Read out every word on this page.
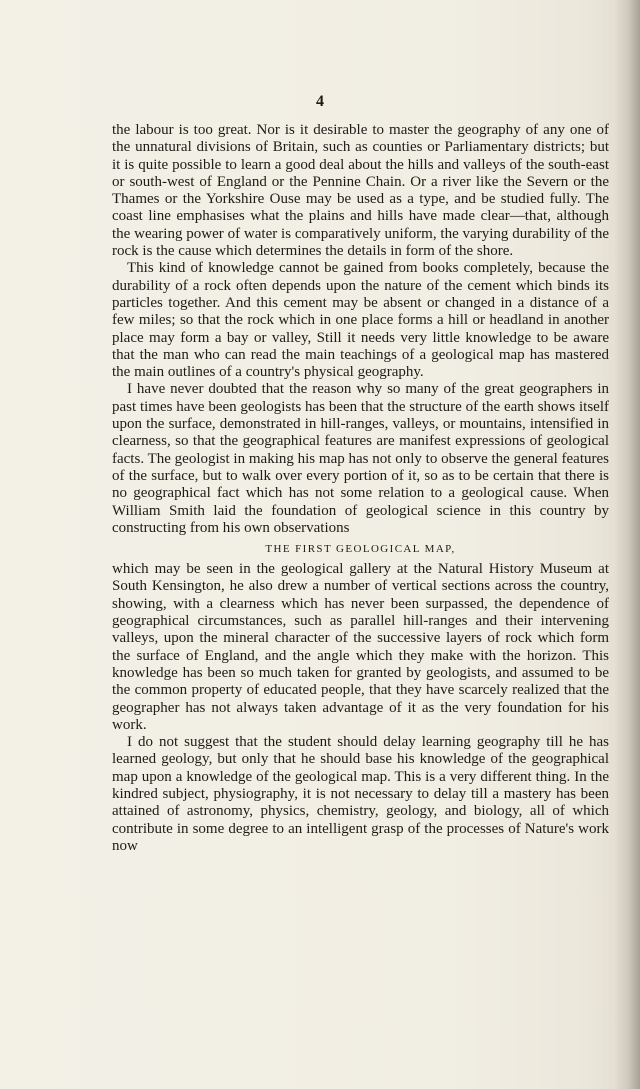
4

the labour is too great. Nor is it desirable to master the geography of any one of the unnatural divisions of Britain, such as counties or Parliamentary districts; but it is quite possible to learn a good deal about the hills and valleys of the south-east or south-west of England or the Pennine Chain. Or a river like the Severn or the Thames or the Yorkshire Ouse may be used as a type, and be studied fully. The coast line emphasises what the plains and hills have made clear—that, although the wearing power of water is comparatively uniform, the varying durability of the rock is the cause which determines the details in form of the shore.

This kind of knowledge cannot be gained from books completely, because the durability of a rock often depends upon the nature of the cement which binds its particles together. And this cement may be absent or changed in a distance of a few miles; so that the rock which in one place forms a hill or headland in another place may form a bay or valley, Still it needs very little knowledge to be aware that the man who can read the main teachings of a geological map has mastered the main outlines of a country's physical geography.

I have never doubted that the reason why so many of the great geographers in past times have been geologists has been that the structure of the earth shows itself upon the surface, demonstrated in hill-ranges, valleys, or mountains, intensified in clearness, so that the geographical features are manifest expressions of geological facts. The geologist in making his map has not only to observe the general features of the surface, but to walk over every portion of it, so as to be certain that there is no geographical fact which has not some relation to a geological cause. When William Smith laid the foundation of geological science in this country by constructing from his own observations

THE FIRST GEOLOGICAL MAP,

which may be seen in the geological gallery at the Natural History Museum at South Kensington, he also drew a number of vertical sections across the country, showing, with a clearness which has never been surpassed, the dependence of geographical circumstances, such as parallel hill-ranges and their intervening valleys, upon the mineral character of the successive layers of rock which form the surface of England, and the angle which they make with the horizon. This knowledge has been so much taken for granted by geologists, and assumed to be the common property of educated people, that they have scarcely realized that the geographer has not always taken advantage of it as the very foundation for his work.

I do not suggest that the student should delay learning geography till he has learned geology, but only that he should base his knowledge of the geographical map upon a knowledge of the geological map. This is a very different thing. In the kindred subject, physiography, it is not necessary to delay till a mastery has been attained of astronomy, physics, chemistry, geology, and biology, all of which contribute in some degree to an intelligent grasp of the processes of Nature's work now
